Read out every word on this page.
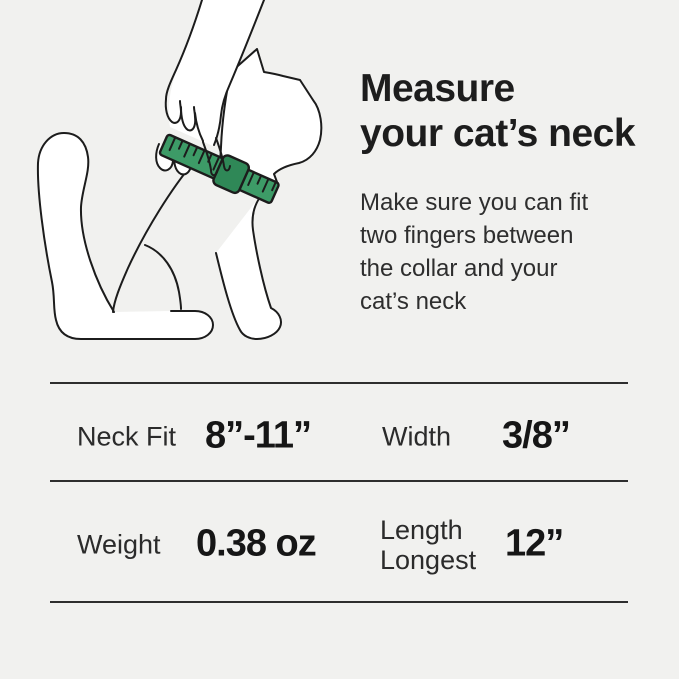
Measure
your cat’s neck
Make sure you can fit
two fingers between
the collar and your
cat’s neck
Neck Fit 8”-11”	Width 3/8”
Weight 0.38 oz Length Longest 12”
